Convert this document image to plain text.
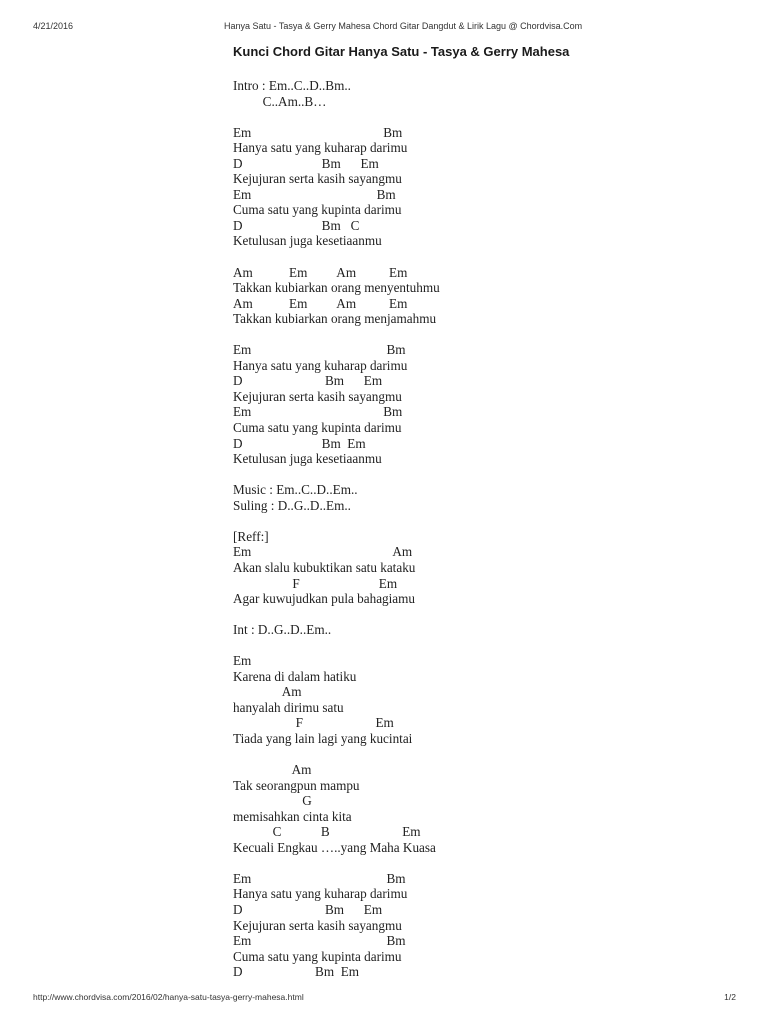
4/21/2016	Hanya Satu - Tasya & Gerry Mahesa Chord Gitar Dangdut & Lirik Lagu @ Chordvisa.Com
Kunci Chord Gitar Hanya Satu - Tasya & Gerry Mahesa
Intro : Em..C..D..Bm..
C..Am..B…
Em                                        Bm
Hanya satu yang kuharap darimu
D                        Bm      Em
Kejujuran serta kasih sayangmu
Em                                      Bm
Cuma satu yang kupinta darimu
D                        Bm   C
Ketulusan juga kesetiaanmu
Am           Em         Am          Em
Takkan kubiarkan orang menyentuhmu
Am           Em         Am          Em
Takkan kubiarkan orang menjamahmu
Em                                         Bm
Hanya satu yang kuharap darimu
D                         Bm      Em
Kejujuran serta kasih sayangmu
Em                                        Bm
Cuma satu yang kupinta darimu
D                        Bm  Em
Ketulusan juga kesetiaanmu
Music : Em..C..D..Em..
Suling : D..G..D..Em..
[Reff:]
Em                                           Am
Akan slalu kubuktikan satu kataku
F                        Em
Agar kuwujudkan pula bahagiamu
Int : D..G..D..Em..
Em
Karena di dalam hatiku
Am
hanyalah dirimu satu
F                      Em
Tiada yang lain lagi yang kucintai
Am
Tak seorangpun mampu
G
memisahkan cinta kita
C            B                      Em
Kecuali Engkau …..yang Maha Kuasa
Em                                         Bm
Hanya satu yang kuharap darimu
D                         Bm      Em
Kejujuran serta kasih sayangmu
Em                                         Bm
Cuma satu yang kupinta darimu
D                      Bm  Em
http://www.chordvisa.com/2016/02/hanya-satu-tasya-gerry-mahesa.html	1/2
